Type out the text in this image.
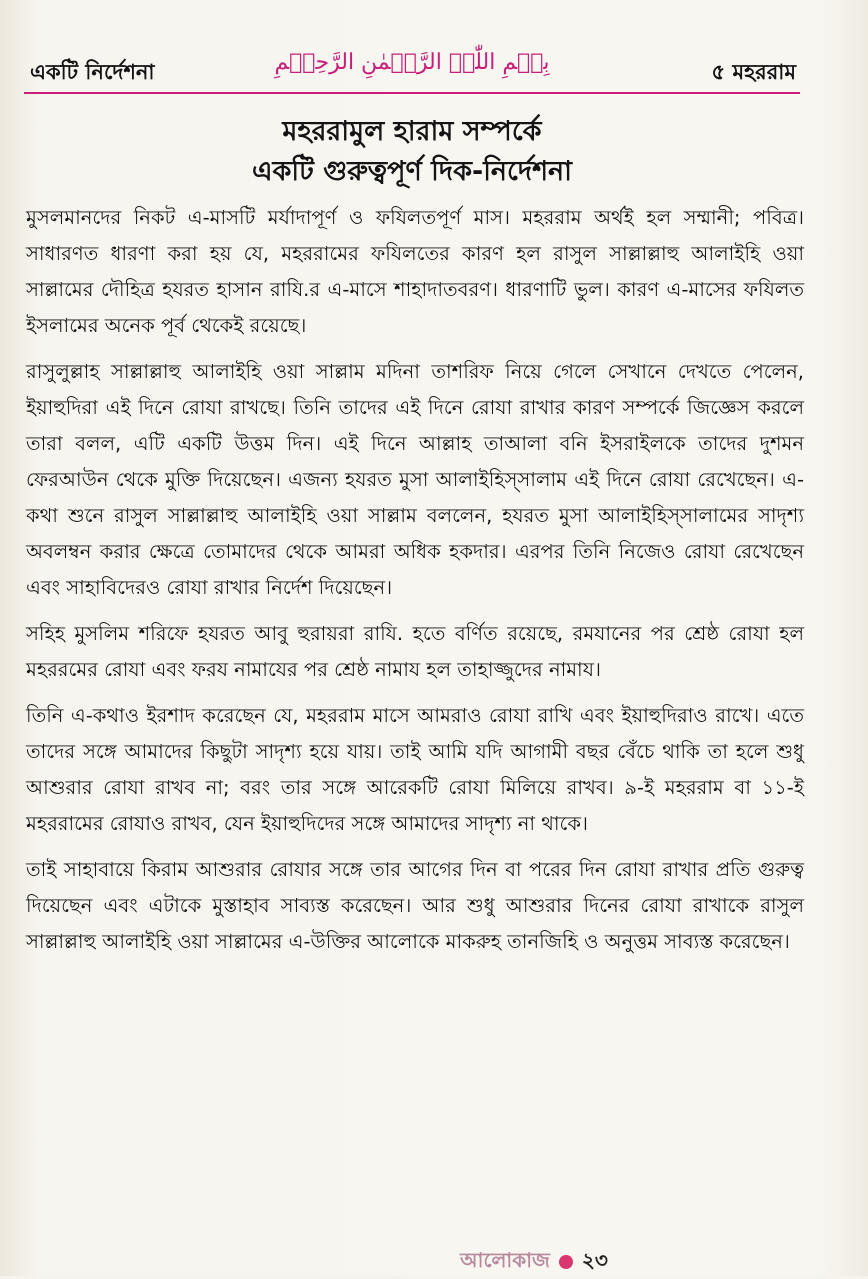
একটি নির্দেশনা	بِسۡمِ اللّٰہِ الرَّحۡمٰنِ الرَّحِیۡمِ	৫ মহররাম
মহররামুল হারাম সম্পর্কে
একটি গুরুত্বপূর্ণ দিক-নির্দেশনা

মুসলমানদের নিকট এ-মাসটি মর্যাদাপূর্ণ ও ফযিলতপূর্ণ মাস। মহররাম অর্থই হল সম্মানী; পবিত্র। সাধারণত ধারণা করা হয় যে, মহররামের ফযিলতের কারণ হল রাসুল সাল্লাল্লাহু আলাইহি ওয়া সাল্লামের দৌহিত্র হযরত হাসান রাযি.র এ-মাসে শাহাদাতবরণ। ধারণাটি ভুল। কারণ এ-মাসের ফযিলত ইসলামের অনেক পূর্ব থেকেই রয়েছে।

রাসুলুল্লাহ সাল্লাল্লাহু আলাইহি ওয়া সাল্লাম মদিনা তাশরিফ নিয়ে গেলে সেখানে দেখতে পেলেন, ইয়াহুদিরা এই দিনে রোযা রাখছে। তিনি তাদের এই দিনে রোযা রাখার কারণ সম্পর্কে জিজ্ঞেস করলে তারা বলল, এটি একটি উত্তম দিন। এই দিনে আল্লাহ তাআলা বনি ইসরাইলকে তাদের দুশমন ফেরআউন থেকে মুক্তি দিয়েছেন। এজন্য হযরত মুসা আলাইহিস্সালাম এই দিনে রোযা রেখেছেন। এ-কথা শুনে রাসুল সাল্লাল্লাহু আলাইহি ওয়া সাল্লাম বললেন, হযরত মুসা আলাইহিস্সালামের সাদৃশ্য অবলম্বন করার ক্ষেত্রে তোমাদের থেকে আমরা অধিক হকদার। এরপর তিনি নিজেও রোযা রেখেছেন এবং সাহাবিদেরও রোযা রাখার নির্দেশ দিয়েছেন।

সহিহ মুসলিম শরিফে হযরত আবু হুরায়রা রাযি. হতে বর্ণিত রয়েছে, রমযানের পর শ্রেষ্ঠ রোযা হল মহররমের রোযা এবং ফরয নামাযের পর শ্রেষ্ঠ নামায হল তাহাজ্জুদের নামায।

তিনি এ-কথাও ইরশাদ করেছেন যে, মহররাম মাসে আমরাও রোযা রাখি এবং ইয়াহুদিরাও রাখে। এতে তাদের সঙ্গে আমাদের কিছুটা সাদৃশ্য হয়ে যায়। তাই আমি যদি আগামী বছর বেঁচে থাকি তা হলে শুধু আশুরার রোযা রাখব না; বরং তার সঙ্গে আরেকটি রোযা মিলিয়ে রাখব। ৯-ই মহররাম বা ১১-ই মহররামের রোযাও রাখব, যেন ইয়াহুদিদের সঙ্গে আমাদের সাদৃশ্য না থাকে।

তাই সাহাবায়ে কিরাম আশুরার রোযার সঙ্গে তার আগের দিন বা পরের দিন রোযা রাখার প্রতি গুরুত্ব দিয়েছেন এবং এটাকে মুস্তাহাব সাব্যস্ত করেছেন। আর শুধু আশুরার দিনের রোযা রাখাকে রাসুল সাল্লাল্লাহু আলাইহি ওয়া সাল্লামের এ-উক্তির আলোকে মাকরুহ তানজিহি ও অনুত্তম সাব্যস্ত করেছেন।

আলোকাজ ২৩
